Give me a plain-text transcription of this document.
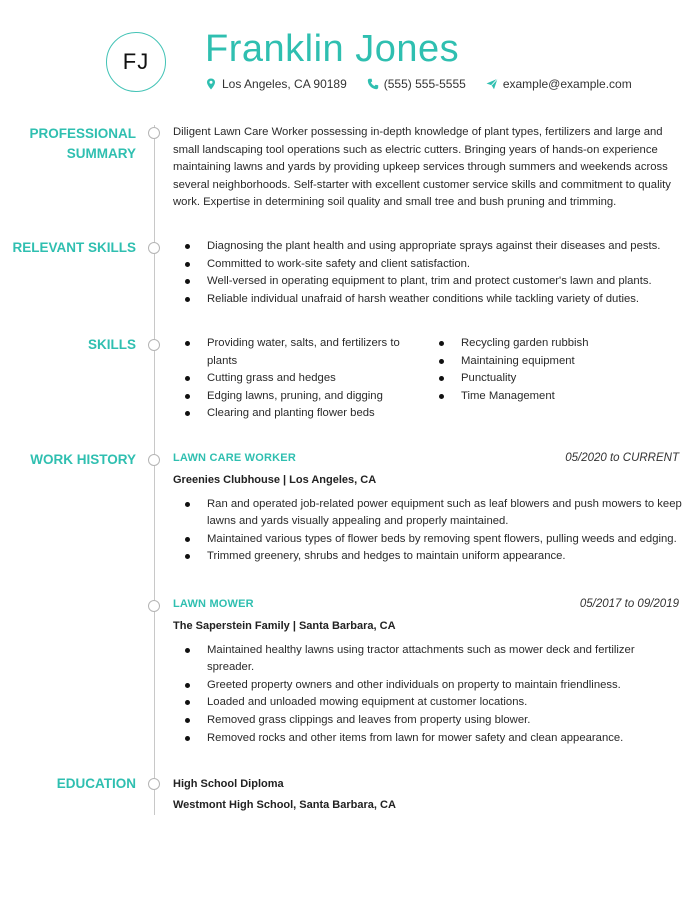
FJ	Franklin Jones
Los Angeles, CA 90189	(555) 555-5555	example@example.com
PROFESSIONAL
SUMMARY
Diligent Lawn Care Worker possessing in-depth knowledge of plant types, fertilizers and large and small landscaping tool operations such as electric cutters. Bringing years of hands-on experience maintaining lawns and yards by providing upkeep services through summers and weekends across several neighborhoods. Self-starter with excellent customer service skills and commitment to quality work. Expertise in determining soil quality and small tree and bush pruning and trimming.
RELEVANT SKILLS	Diagnosing the plant health and using appropriate sprays against their diseases and pests.
Committed to work-site safety and client satisfaction.
Well-versed in operating equipment to plant, trim and protect customer's lawn and plants.
Reliable individual unafraid of harsh weather conditions while tackling variety of duties.
SKILLS	Providing water, salts, and fertilizers to plants
Cutting grass and hedges
Edging lawns, pruning, and digging
Clearing and planting flower beds
Recycling garden rubbish
Maintaining equipment
Punctuality
Time Management
WORK HISTORY	LAWN CARE WORKER	05/2020 to CURRENT
Greenies Clubhouse | Los Angeles, CA
Ran and operated job-related power equipment such as leaf blowers and push mowers to keep lawns and yards visually appealing and properly maintained.
Maintained various types of flower beds by removing spent flowers, pulling weeds and edging.
Trimmed greenery, shrubs and hedges to maintain uniform appearance.
LAWN MOWER	05/2017 to 09/2019
The Saperstein Family | Santa Barbara, CA
Maintained healthy lawns using tractor attachments such as mower deck and fertilizer spreader.
Greeted property owners and other individuals on property to maintain friendliness.
Loaded and unloaded mowing equipment at customer locations.
Removed grass clippings and leaves from property using blower.
Removed rocks and other items from lawn for mower safety and clean appearance.
EDUCATION	High School Diploma
Westmont High School, Santa Barbara, CA
